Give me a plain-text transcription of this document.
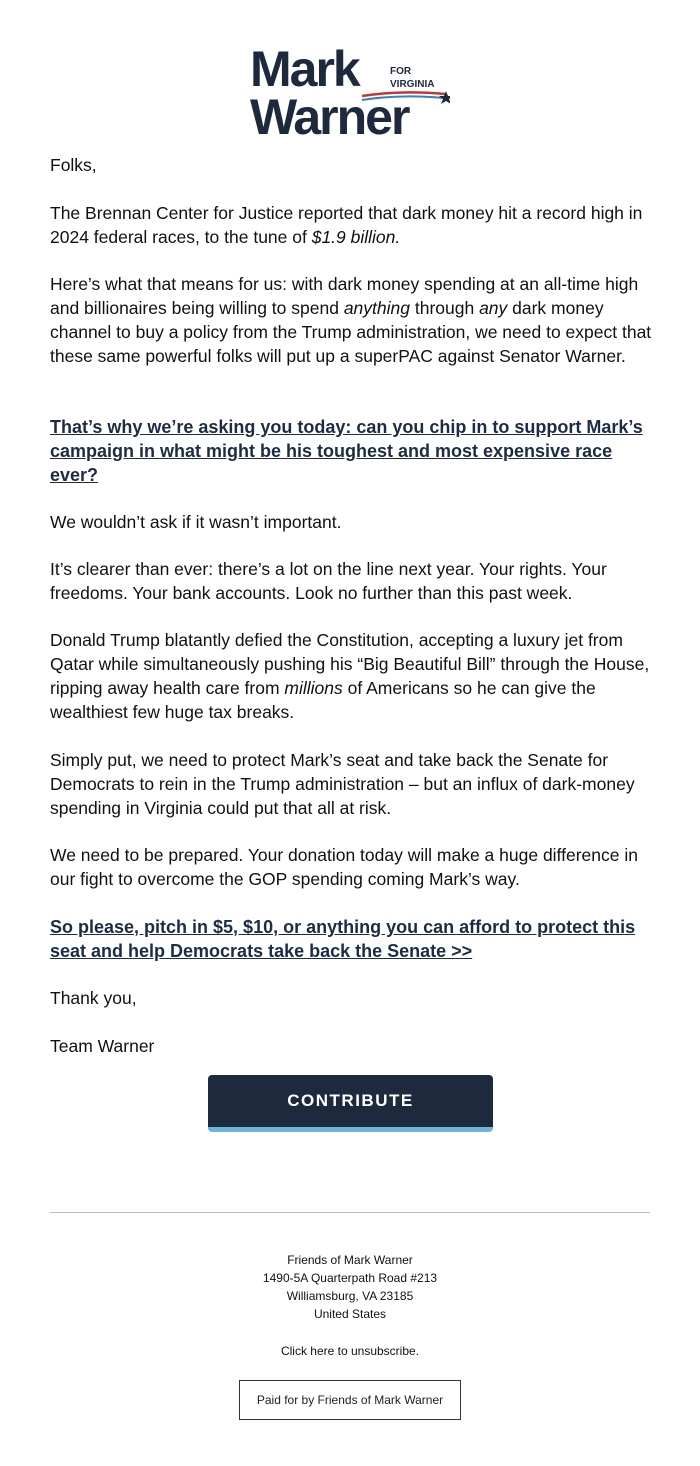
Mark	FOR
VIRGINIA
Warner

Folks,

The Brennan Center for Justice reported that dark money hit a record high in 2024 federal races, to the tune of $1.9 billion.

Here’s what that means for us: with dark money spending at an all-time high and billionaires being willing to spend anything through any dark money channel to buy a policy from the Trump administration, we need to expect that these same powerful folks will put up a superPAC against Senator Warner.

That’s why we’re asking you today: can you chip in to support Mark’s campaign in what might be his toughest and most expensive race ever?

We wouldn’t ask if it wasn’t important.

It’s clearer than ever: there’s a lot on the line next year. Your rights. Your freedoms. Your bank accounts. Look no further than this past week.

Donald Trump blatantly defied the Constitution, accepting a luxury jet from Qatar while simultaneously pushing his “Big Beautiful Bill” through the House, ripping away health care from millions of Americans so he can give the wealthiest few huge tax breaks.

Simply put, we need to protect Mark’s seat and take back the Senate for Democrats to rein in the Trump administration – but an influx of dark-money spending in Virginia could put that all at risk.

We need to be prepared. Your donation today will make a huge difference in our fight to overcome the GOP spending coming Mark’s way.

So please, pitch in $5, $10, or anything you can afford to protect this seat and help Democrats take back the Senate >>

Thank you,

Team Warner

CONTRIBUTE
Friends of Mark Warner
1490-5A Quarterpath Road #213
Williamsburg, VA 23185
United States
Click here to unsubscribe.
Paid for by Friends of Mark Warner
